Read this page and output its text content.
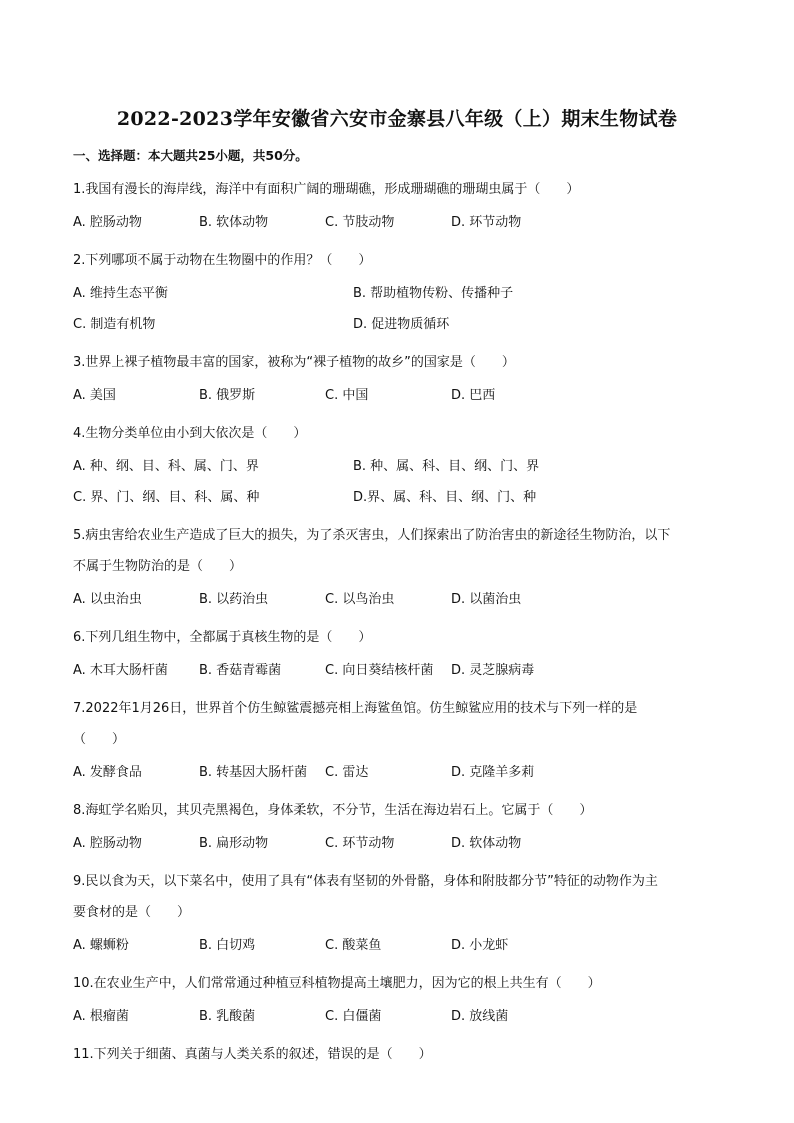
2022-2023学年安徽省六安市金寨县八年级（上）期末生物试卷
一、选择题：本大题共25小题，共50分。

1.我国有漫长的海岸线，海洋中有面积广阔的珊瑚礁，形成珊瑚礁的珊瑚虫属于（　　）

A. 腔肠动物	B. 软体动物	C. 节肢动物	D. 环节动物

2.下列哪项不属于动物在生物圈中的作用？（　　）

A. 维持生态平衡	B. 帮助植物传粉、传播种子
C. 制造有机物	D. 促进物质循环

3.世界上裸子植物最丰富的国家，被称为“裸子植物的故乡”的国家是（　　）

A. 美国	B. 俄罗斯	C. 中国	D. 巴西

4.生物分类单位由小到大依次是（　　）

A. 种、纲、目、科、属、门、界	B. 种、属、科、目、纲、门、界
C. 界、门、纲、目、科、属、种	D.界、属、科、目、纲、门、种

5.病虫害给农业生产造成了巨大的损失，为了杀灭害虫，人们探索出了防治害虫的新途径生物防治，以下

不属于生物防治的是（　　）

A. 以虫治虫	B. 以药治虫	C. 以鸟治虫	D. 以菌治虫

6.下列几组生物中，全都属于真核生物的是（　　）

A. 木耳大肠杆菌	B. 香菇青霉菌	C. 向日葵结核杆菌	D. 灵芝腺病毒

7.2022年1月26日，世界首个仿生鲸鲨震撼亮相上海鲨鱼馆。仿生鲸鲨应用的技术与下列一样的是

（　　）

A. 发酵食品	B. 转基因大肠杆菌	C. 雷达	D. 克隆羊多莉

8.海虹学名贻贝，其贝壳黑褐色，身体柔软，不分节，生活在海边岩石上。它属于（　　）

A. 腔肠动物	B. 扁形动物	C. 环节动物	D. 软体动物

9.民以食为天，以下菜名中，使用了具有“体表有坚韧的外骨骼，身体和附肢都分节”特征的动物作为主

要食材的是（　　）

A. 螺蛳粉	B. 白切鸡	C. 酸菜鱼	D. 小龙虾

10.在农业生产中，人们常常通过种植豆科植物提高土壤肥力，因为它的根上共生有（　　）

A. 根瘤菌	B. 乳酸菌	C. 白僵菌	D. 放线菌

11.下列关于细菌、真菌与人类关系的叙述，错误的是（　　）
